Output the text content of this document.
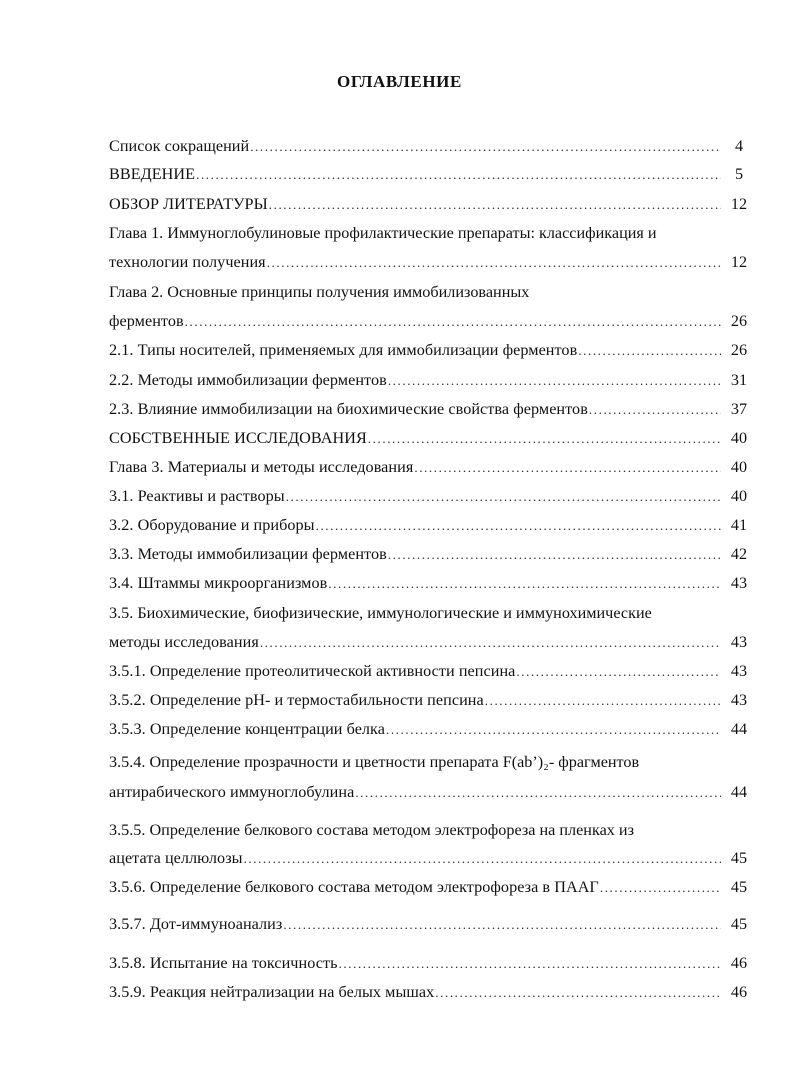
ОГЛАВЛЕНИЕ
Список сокращений .....	4
ВВЕДЕНИЕ .....	5
ОБЗОР ЛИТЕРАТУРЫ .....	12
Глава 1. Иммуноглобулиновые профилактические препараты: классификация и
технологии получения .....	12
Глава 2. Основные принципы получения иммобилизованных
ферментов .....	26
2.1. Типы носителей, применяемых для иммобилизации ферментов .....	26
2.2. Методы иммобилизации ферментов .....	31
2.3. Влияние иммобилизации на биохимические свойства ферментов .....	37
СОБСТВЕННЫЕ ИССЛЕДОВАНИЯ .....	40
Глава 3. Материалы и методы исследования .....	40
3.1. Реактивы и растворы .....	40
3.2. Оборудование и приборы .....	41
3.3. Методы иммобилизации ферментов .....	42
3.4. Штаммы микроорганизмов .....	43
3.5. Биохимические, биофизические, иммунологические и иммунохимические
методы исследования .....	43
3.5.1. Определение протеолитической активности пепсина .....	43
3.5.2. Определение рН- и термостабильности пепсина .....	43
3.5.3. Определение концентрации белка .....	44
3.5.4. Определение прозрачности и цветности препарата F(ab’)₂- фрагментов
антирабического иммуноглобулина .....	44
3.5.5. Определение белкового состава методом электрофореза на пленках из
ацетата целлюлозы .....	45
3.5.6. Определение белкового состава методом электрофореза в ПААГ .....	45
3.5.7. Дот-иммуноанализ .....	45
3.5.8. Испытание на токсичность .....	46
3.5.9. Реакция нейтрализации на белых мышах .....	46
